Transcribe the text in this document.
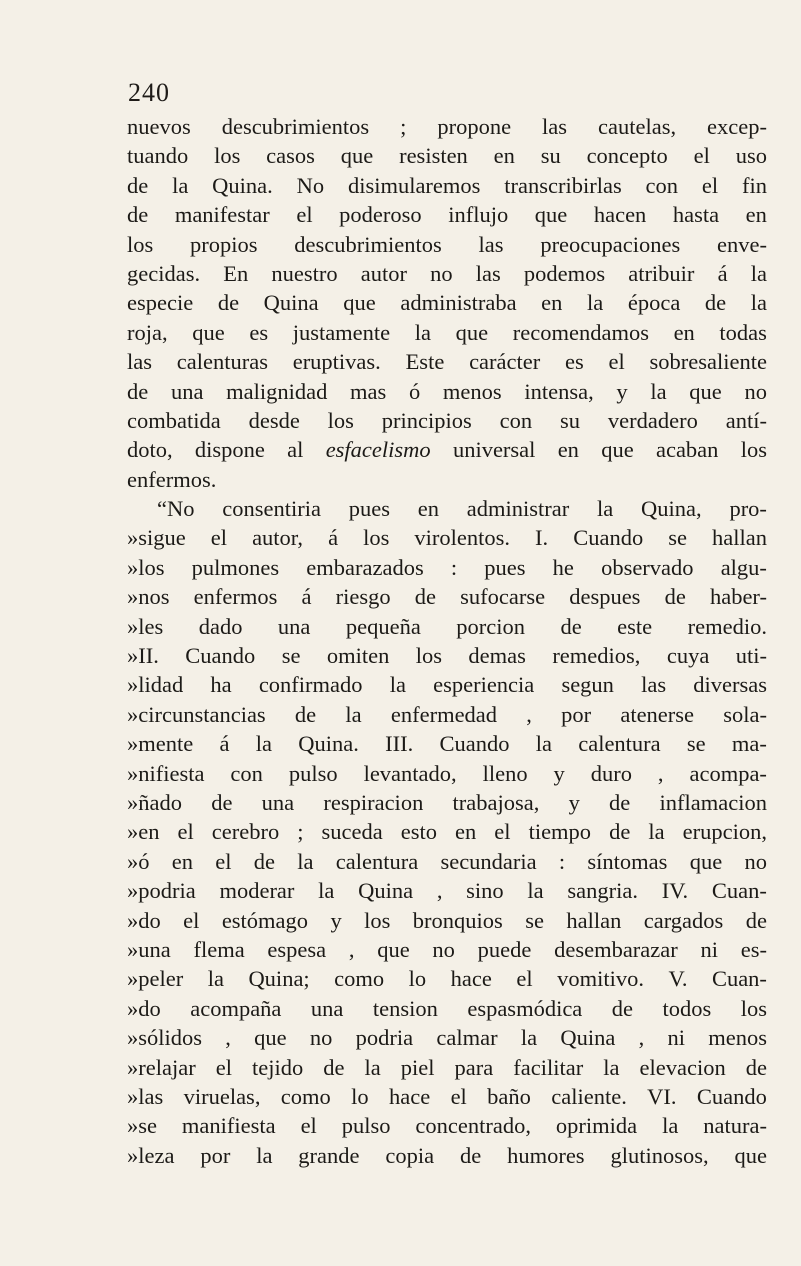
240
nuevos descubrimientos ; propone las cautelas, excep-
tuando los casos que resisten en su concepto el uso
de la Quina. No disimularemos transcribirlas con el fin
de manifestar el poderoso influjo que hacen hasta en
los propios descubrimientos las preocupaciones enve-
gecidas. En nuestro autor no las podemos atribuir á la
especie de Quina que administraba en la época de la
roja, que es justamente la que recomendamos en todas
las calenturas eruptivas. Este carácter es el sobresaliente
de una malignidad mas ó menos intensa, y la que no
combatida desde los principios con su verdadero antí-
doto, dispone al esfacelismo universal en que acaban los
enfermos.
“No consentiria pues en administrar la Quina, pro-
»sigue el autor, á los virolentos. I. Cuando se hallan
»los pulmones embarazados : pues he observado algu-
»nos enfermos á riesgo de sufocarse despues de haber-
»les dado una pequeña porcion de este remedio.
»II. Cuando se omiten los demas remedios, cuya uti-
»lidad ha confirmado la esperiencia segun las diversas
»circunstancias de la enfermedad , por atenerse sola-
»mente á la Quina. III. Cuando la calentura se ma-
»nifiesta con pulso levantado, lleno y duro , acompa-
»ñado de una respiracion trabajosa, y de inflamacion
»en el cerebro ; suceda esto en el tiempo de la erupcion,
»ó en el de la calentura secundaria : síntomas que no
»podria moderar la Quina , sino la sangria. IV. Cuan-
»do el estómago y los bronquios se hallan cargados de
»una flema espesa , que no puede desembarazar ni es-
»peler la Quina; como lo hace el vomitivo. V. Cuan-
»do acompaña una tension espasmódica de todos los
»sólidos , que no podria calmar la Quina , ni menos
»relajar el tejido de la piel para facilitar la elevacion de
»las viruelas, como lo hace el baño caliente. VI. Cuando
»se manifiesta el pulso concentrado, oprimida la natura-
»leza por la grande copia de humores glutinosos, que
